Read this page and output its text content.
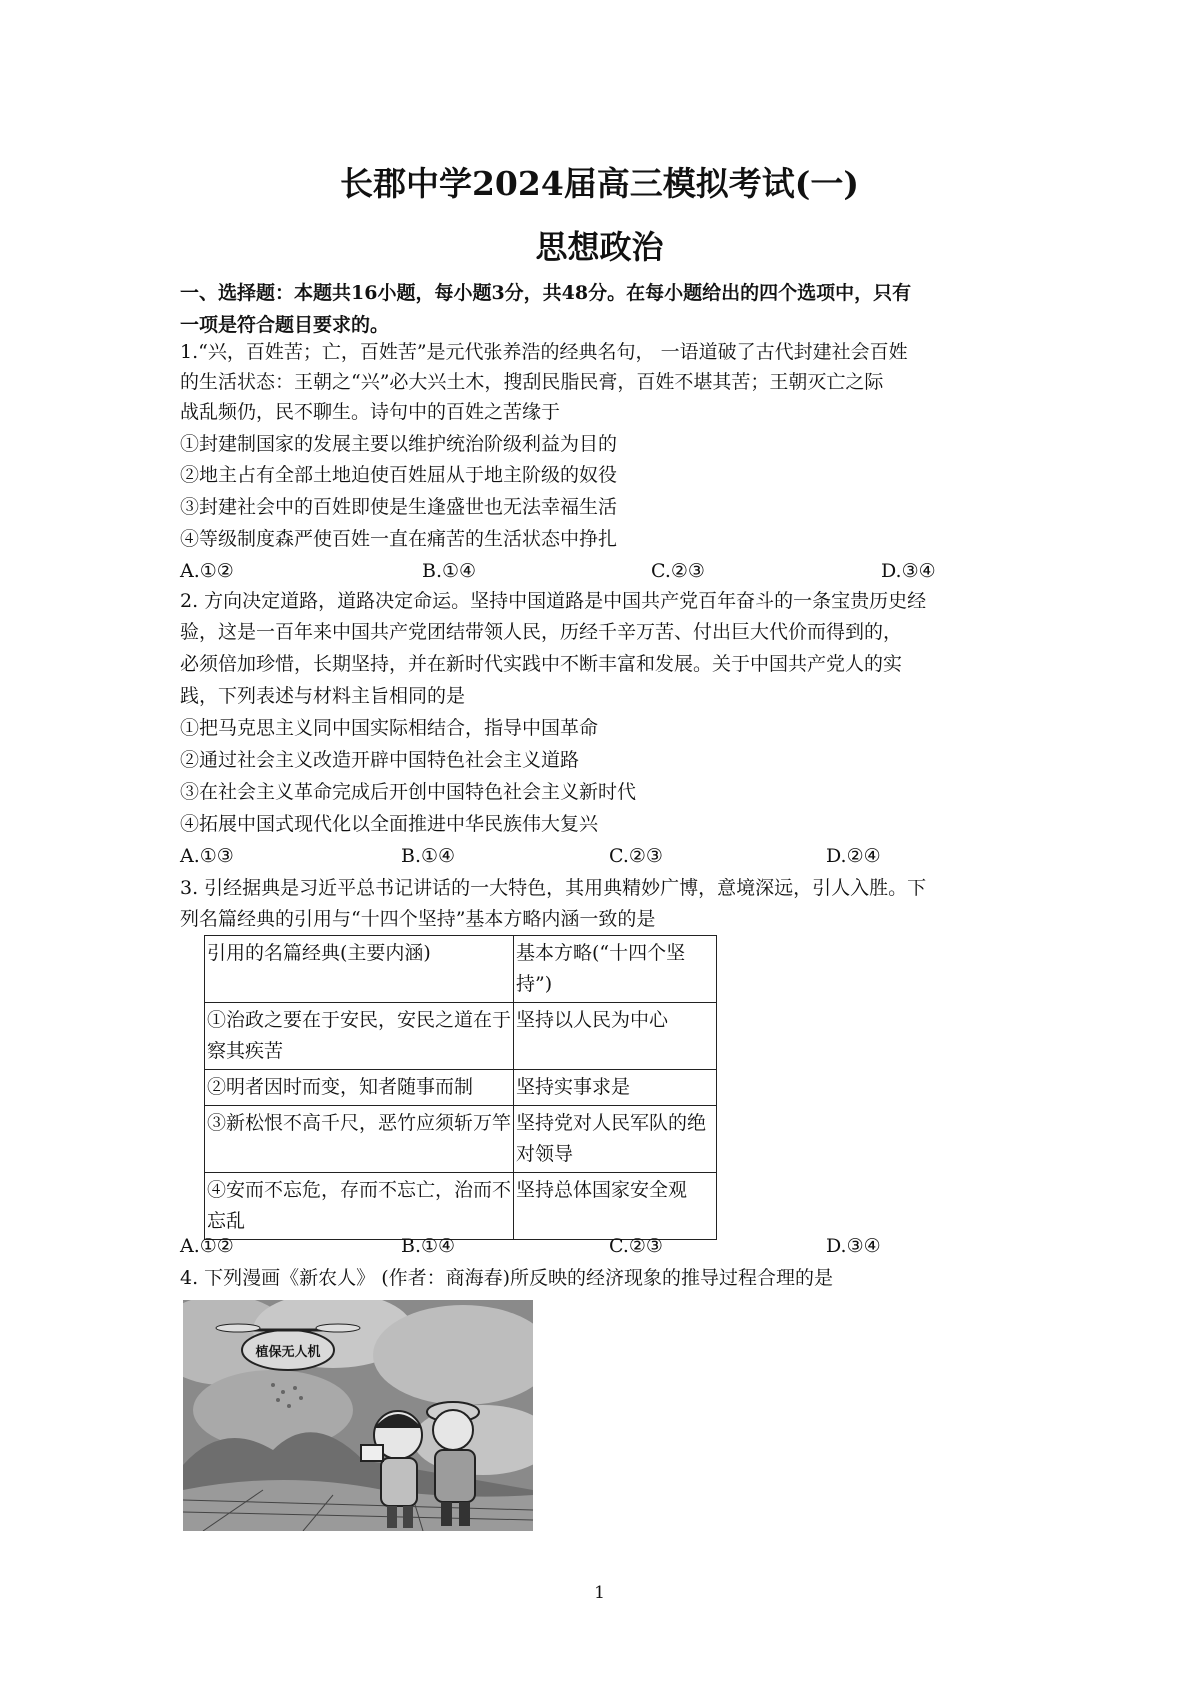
长郡中学2024届高三模拟考试(一)
思想政治
一、选择题：本题共16小题，每小题3分，共48分。在每小题给出的四个选项中，只有
一项是符合题目要求的。
1.“兴，百姓苦；亡，百姓苦”是元代张养浩的经典名句， 一语道破了古代封建社会百姓
的生活状态：王朝之“兴”必大兴土木，搜刮民脂民膏，百姓不堪其苦；王朝灭亡之际
战乱频仍，民不聊生。诗句中的百姓之苦缘于
①封建制国家的发展主要以维护统治阶级利益为目的
②地主占有全部土地迫使百姓屈从于地主阶级的奴役
③封建社会中的百姓即使是生逢盛世也无法幸福生活
④等级制度森严使百姓一直在痛苦的生活状态中挣扎
A.①②	B.①④	C.②③	D.③④
2. 方向决定道路，道路决定命运。坚持中国道路是中国共产党百年奋斗的一条宝贵历史经
验，这是一百年来中国共产党团结带领人民，历经千辛万苦、付出巨大代价而得到的，
必须倍加珍惜，长期坚持，并在新时代实践中不断丰富和发展。关于中国共产党人的实
践，下列表述与材料主旨相同的是
①把马克思主义同中国实际相结合，指导中国革命
②通过社会主义改造开辟中国特色社会主义道路
③在社会主义革命完成后开创中国特色社会主义新时代
④拓展中国式现代化以全面推进中华民族伟大复兴
A.①③	B.①④	C.②③	D.②④
3. 引经据典是习近平总书记讲话的一大特色，其用典精妙广博，意境深远，引人入胜。下
列名篇经典的引用与“十四个坚持”基本方略内涵一致的是
引用的名篇经典(主要内涵)	基本方略(“十四个坚持”)
①治政之要在于安民，安民之道在于察其疾苦	坚持以人民为中心
②明者因时而变，知者随事而制	坚持实事求是
③新松恨不高千尺，恶竹应须斩万竿	坚持党对人民军队的绝对领导
④安而不忘危，存而不忘亡，治而不忘乱	坚持总体国家安全观
A.①②	B.①④	C.②③	D.③④
4. 下列漫画《新农人》 (作者：商海春)所反映的经济现象的推导过程合理的是
植保无人机
1
